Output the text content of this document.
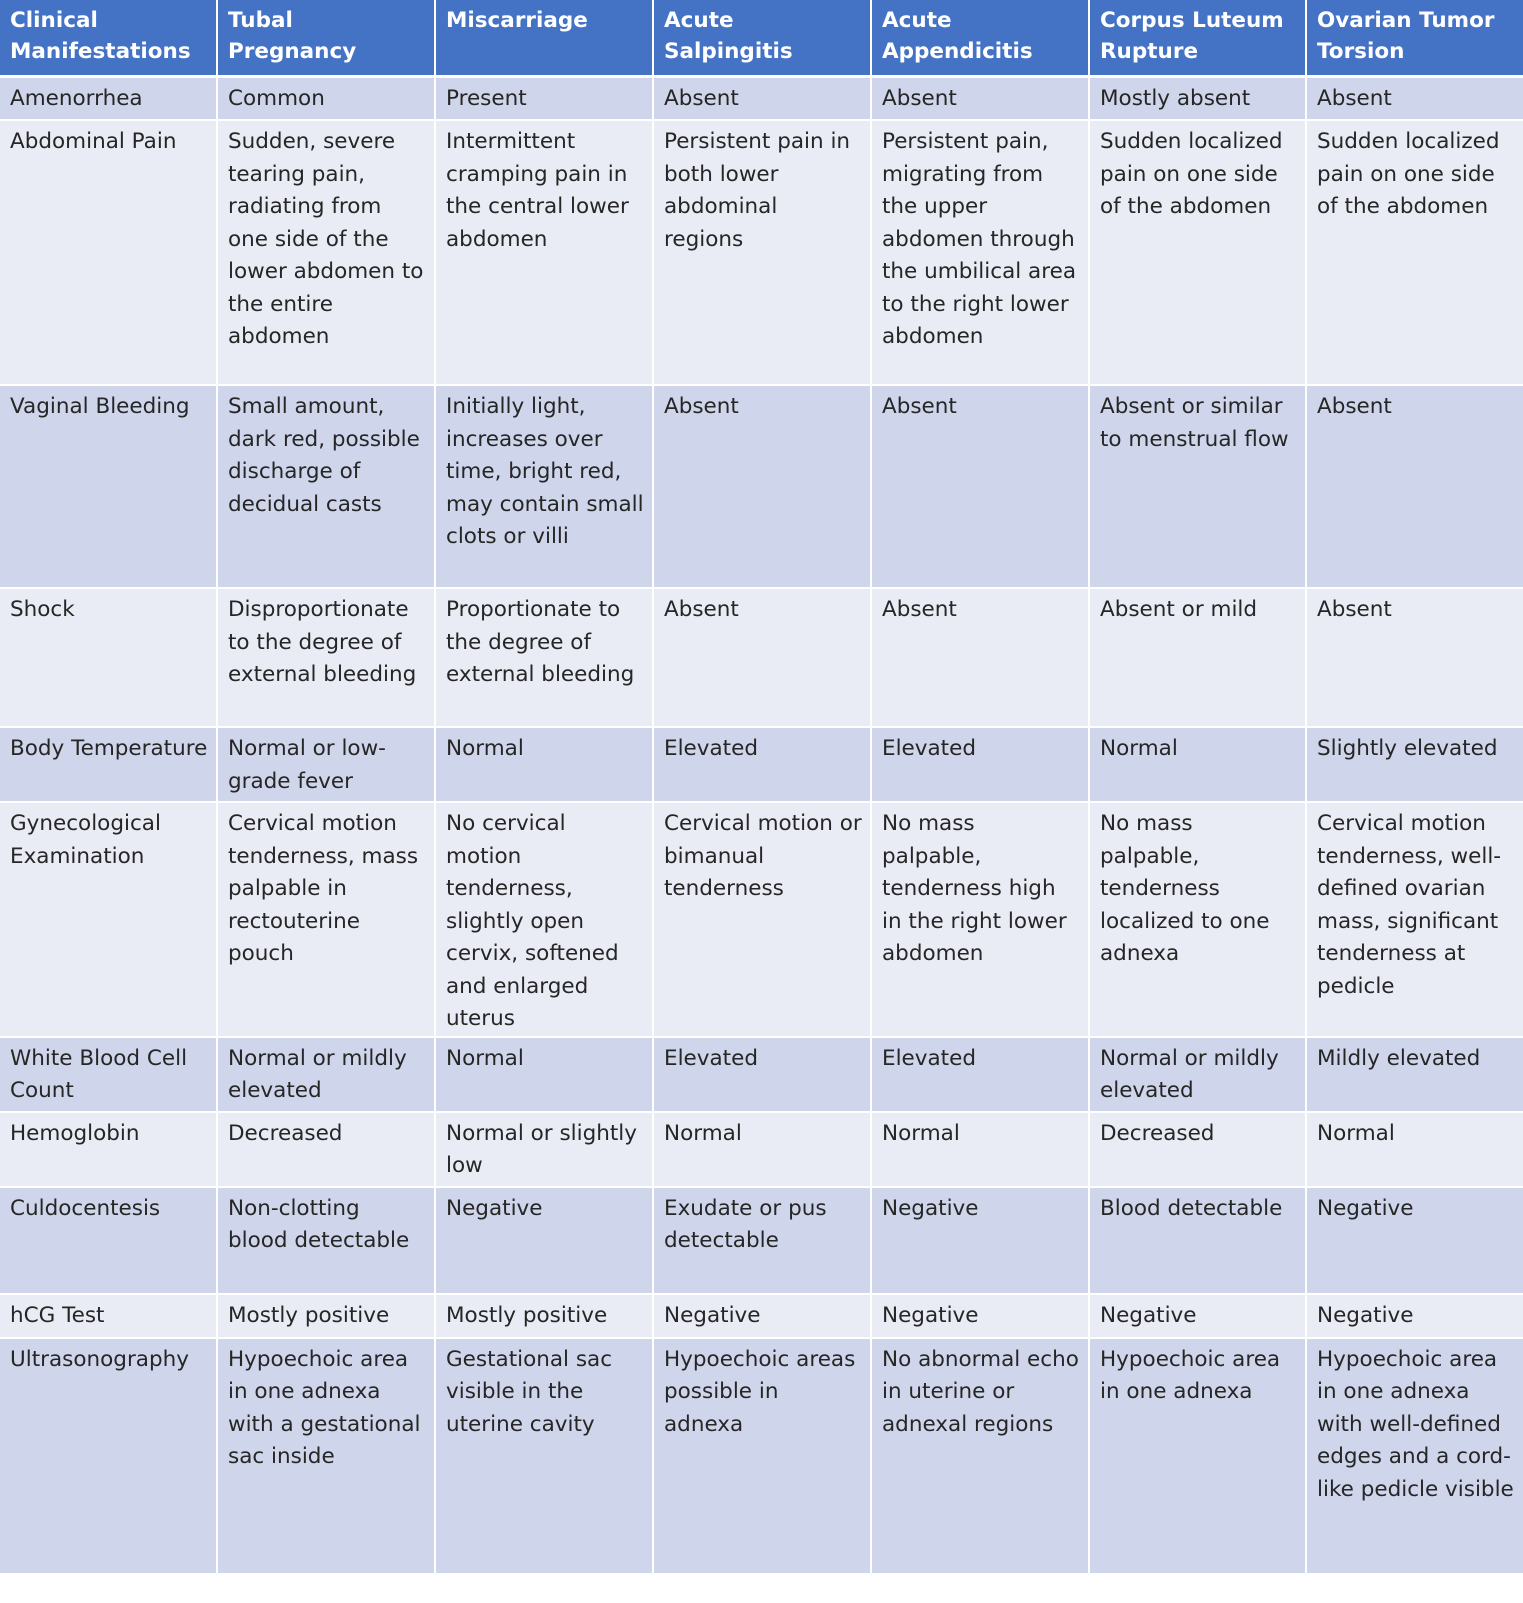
Clinical Manifestations	Tubal Pregnancy	Miscarriage	Acute Salpingitis	Acute Appendicitis	Corpus Luteum Rupture	Ovarian Tumor Torsion
Amenorrhea	Common	Present	Absent	Absent	Mostly absent	Absent
Abdominal Pain	Sudden, severe tearing pain, radiating from one side of the lower abdomen to the entire abdomen	Intermittent cramping pain in the central lower abdomen	Persistent pain in both lower abdominal regions	Persistent pain, migrating from the upper abdomen through the umbilical area to the right lower abdomen	Sudden localized pain on one side of the abdomen	Sudden localized pain on one side of the abdomen
Vaginal Bleeding	Small amount, dark red, possible discharge of decidual casts	Initially light, increases over time, bright red, may contain small clots or villi	Absent	Absent	Absent or similar to menstrual flow	Absent
Shock	Disproportionate to the degree of external bleeding	Proportionate to the degree of external bleeding	Absent	Absent	Absent or mild	Absent
Body Temperature	Normal or low-grade fever	Normal	Elevated	Elevated	Normal	Slightly elevated
Gynecological Examination	Cervical motion tenderness, mass palpable in rectouterine pouch	No cervical motion tenderness, slightly open cervix, softened and enlarged uterus	Cervical motion or bimanual tenderness	No mass palpable, tenderness high in the right lower abdomen	No mass palpable, tenderness localized to one adnexa	Cervical motion tenderness, well-defined ovarian mass, significant tenderness at pedicle
White Blood Cell Count	Normal or mildly elevated	Normal	Elevated	Elevated	Normal or mildly elevated	Mildly elevated
Hemoglobin	Decreased	Normal or slightly low	Normal	Normal	Decreased	Normal
Culdocentesis	Non-clotting blood detectable	Negative	Exudate or pus detectable	Negative	Blood detectable	Negative
hCG Test	Mostly positive	Mostly positive	Negative	Negative	Negative	Negative
Ultrasonography	Hypoechoic area in one adnexa with a gestational sac inside	Gestational sac visible in the uterine cavity	Hypoechoic areas possible in adnexa	No abnormal echo in uterine or adnexal regions	Hypoechoic area in one adnexa	Hypoechoic area in one adnexa with well-defined edges and a cord-like pedicle visible
